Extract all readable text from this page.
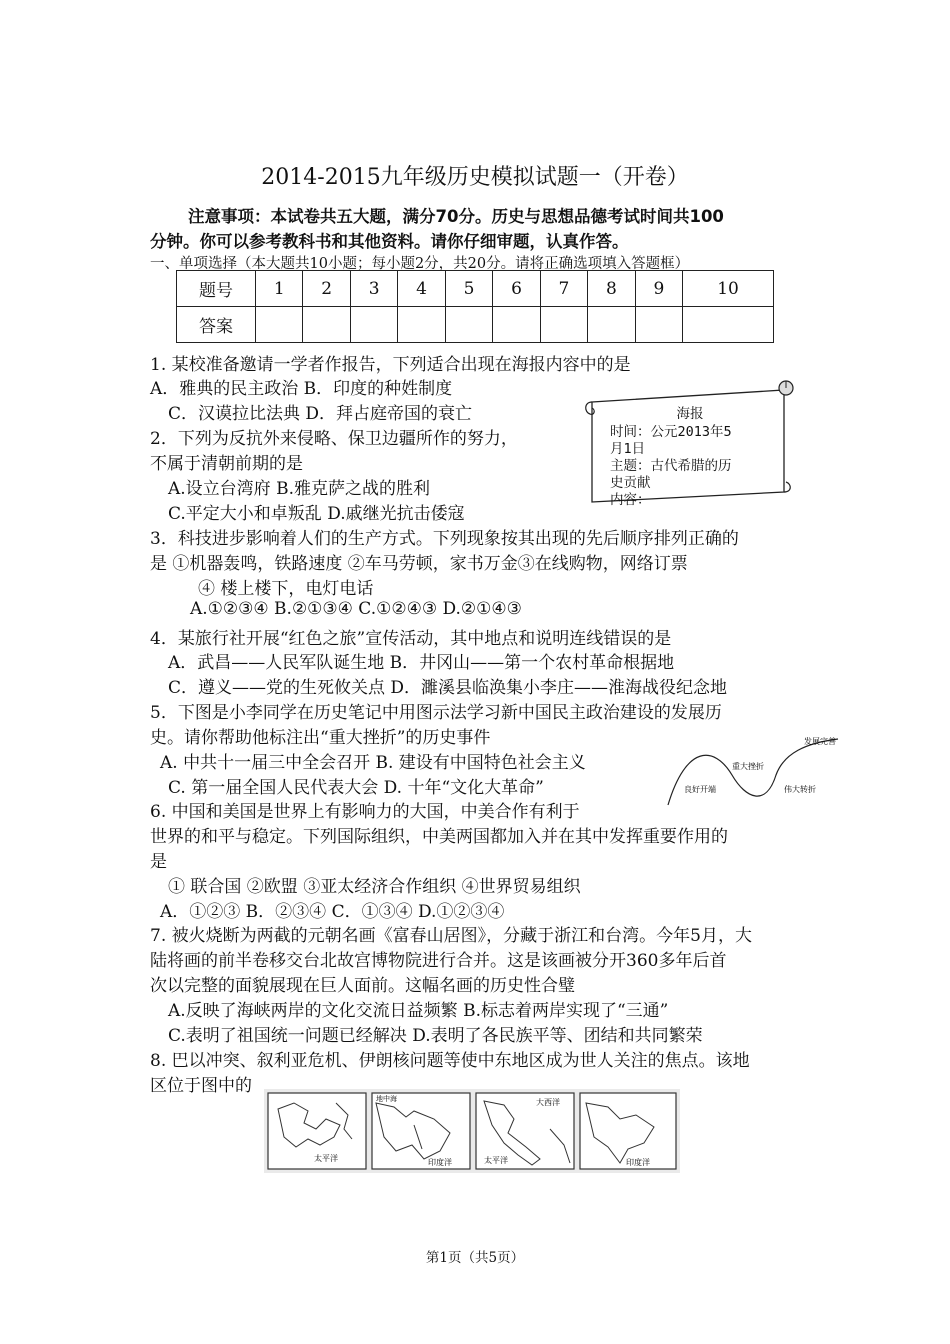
2014-2015九年级历史模拟试题一（开卷）
注意事项：本试卷共五大题，满分70分。历史与思想品德考试时间共100
分钟。你可以参考教科书和其他资料。请你仔细审题，认真作答。
一、单项选择（本大题共10小题；每小题2分，共20分。请将正确选项填入答题框）
题号	1	2	3	4	5	6	7	8	9	10
答案										
1. 某校准备邀请一学者作报告，下列适合出现在海报内容中的是
A．雅典的民主政治 B．印度的种姓制度
C．汉谟拉比法典 D．拜占庭帝国的衰亡
2．下列为反抗外来侵略、保卫边疆所作的努力，
不属于清朝前期的是
A.设立台湾府 B.雅克萨之战的胜利
C.平定大小和卓叛乱 D.戚继光抗击倭寇
3．科技进步影响着人们的生产方式。下列现象按其出现的先后顺序排列正确的
是 ①机器轰鸣，铁路速度 ②车马劳顿，家书万金③在线购物，网络订票
④ 楼上楼下，电灯电话
A.①②③④ B.②①③④ C.①②④③ D.②①④③
4．某旅行社开展“红色之旅”宣传活动，其中地点和说明连线错误的是
A．武昌——人民军队诞生地 B．井冈山——第一个农村革命根据地
C．遵义——党的生死攸关点 D．濉溪县临涣集小李庄——淮海战役纪念地
5．下图是小李同学在历史笔记中用图示法学习新中国民主政治建设的发展历
史。请你帮助他标注出“重大挫折”的历史事件
A. 中共十一届三中全会召开 B. 建设有中国特色社会主义
C. 第一届全国人民代表大会 D. 十年“文化大革命”
6. 中国和美国是世界上有影响力的大国，中美合作有利于
世界的和平与稳定。下列国际组织，中美两国都加入并在其中发挥重要作用的
是
① 联合国 ②欧盟 ③亚太经济合作组织 ④世界贸易组织
A．①②③ B．②③④ C．①③④ D.①②③④
7. 被火烧断为两截的元朝名画《富春山居图》，分藏于浙江和台湾。今年5月，大
陆将画的前半卷移交台北故宫博物院进行合并。这是该画被分开360多年后首
次以完整的面貌展现在巨人面前。这幅名画的历史性合璧
A.反映了海峡两岸的文化交流日益频繁 B.标志着两岸实现了“三通”
C.表明了祖国统一问题已经解决 D.表明了各民族平等、团结和共同繁荣
8. 巴以冲突、叙利亚危机、伊朗核问题等使中东地区成为世人关注的焦点。该地
区位于图中的
海报
时间：公元2013年5
月1日
主题：古代希腊的历
史贡献
内容：
发展完善
重大挫折
良好开端	伟大转折
太平洋
地中海
印度洋
大西洋
太平洋	印度洋
第1页（共5页）
